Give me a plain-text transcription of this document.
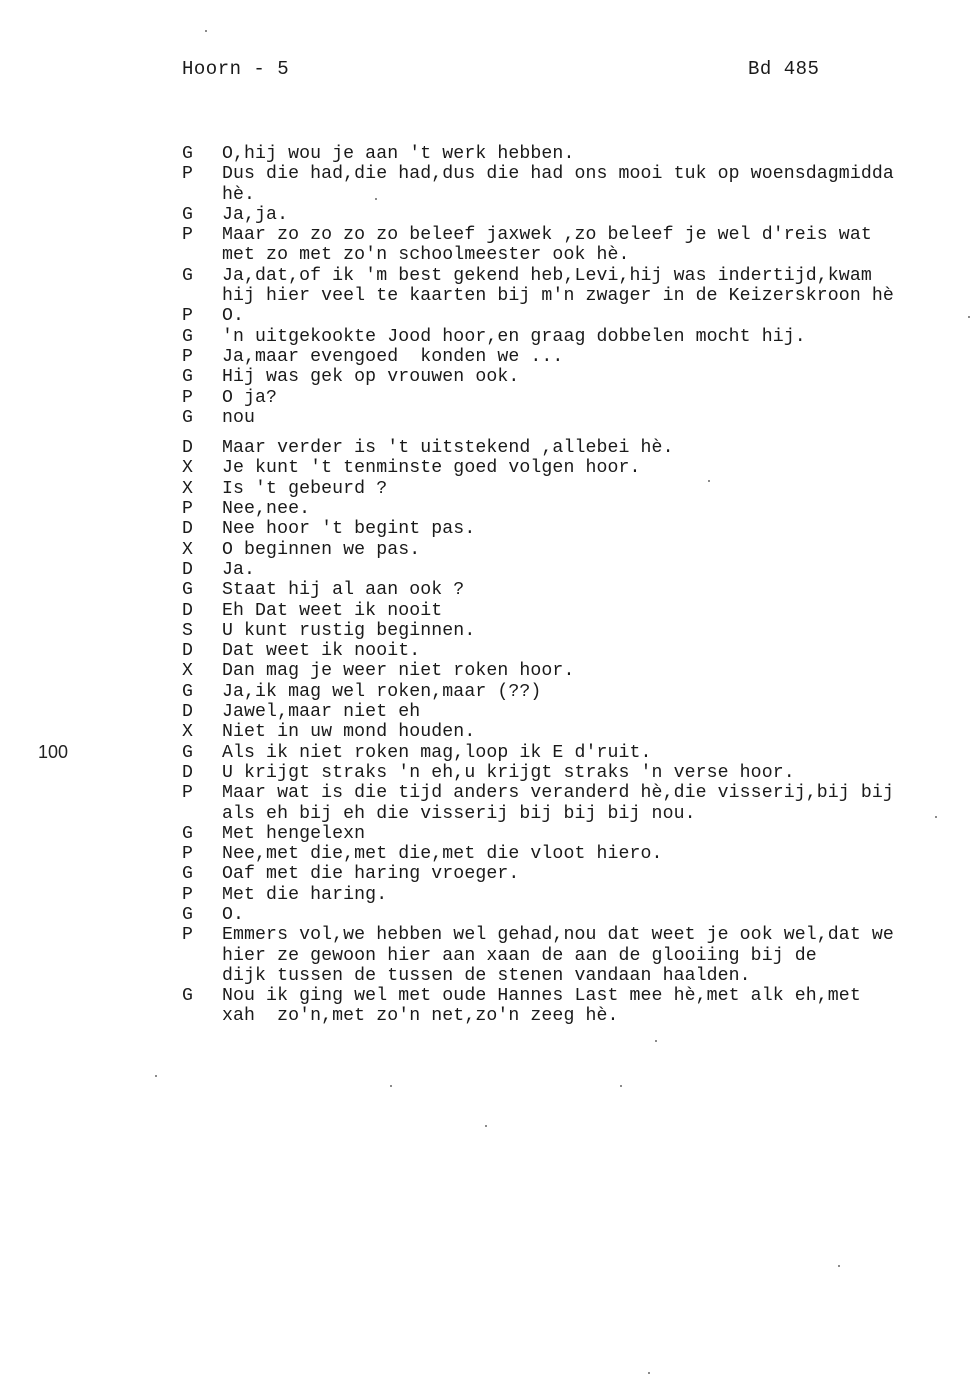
Hoorn - 5	Bd 485
100
G	O,hij wou je aan 't werk hebben.
P	Dus die had,die had,dus die had ons mooi tuk op woensdagmidda
hè.
G	Ja,ja.
P	Maar zo zo zo zo beleef jaxwek ,zo beleef je wel d'reis wat
met zo met zo'n schoolmeester ook hè.
G	Ja,dat,of ik 'm best gekend heb,Levi,hij was indertijd,kwam
hij hier veel te kaarten bij m'n zwager in de Keizerskroon hè
P	O.
G	'n uitgekookte Jood hoor,en graag dobbelen mocht hij.
P	Ja,maar evengoed  konden we ...
G	Hij was gek op vrouwen ook.
P	O ja?
G	nou
D	Maar verder is 't uitstekend ,allebei hè.
X	Je kunt 't tenminste goed volgen hoor.
X	Is 't gebeurd ?
P	Nee,nee.
D	Nee hoor 't begint pas.
X	O beginnen we pas.
D	Ja.
G	Staat hij al aan ook ?
D	Eh Dat weet ik nooit
S	U kunt rustig beginnen.
D	Dat weet ik nooit.
X	Dan mag je weer niet roken hoor.
G	Ja,ik mag wel roken,maar (??)
D	Jawel,maar niet eh
X	Niet in uw mond houden.
G	Als ik niet roken mag,loop ik E d'ruit.
D	U krijgt straks 'n eh,u krijgt straks 'n verse hoor.
P	Maar wat is die tijd anders veranderd hè,die visserij,bij bij
als eh bij eh die visserij bij bij bij nou.
G	Met hengelexn
P	Nee,met die,met die,met die vloot hiero.
G	Oaf met die haring vroeger.
P	Met die haring.
G	O.
P	Emmers vol,we hebben wel gehad,nou dat weet je ook wel,dat we
hier ze gewoon hier aan xaan de aan de glooiing bij de
dijk tussen de tussen de stenen vandaan haalden.
G	Nou ik ging wel met oude Hannes Last mee hè,met alk eh,met
xah  zo'n,met zo'n net,zo'n zeeg hè.
